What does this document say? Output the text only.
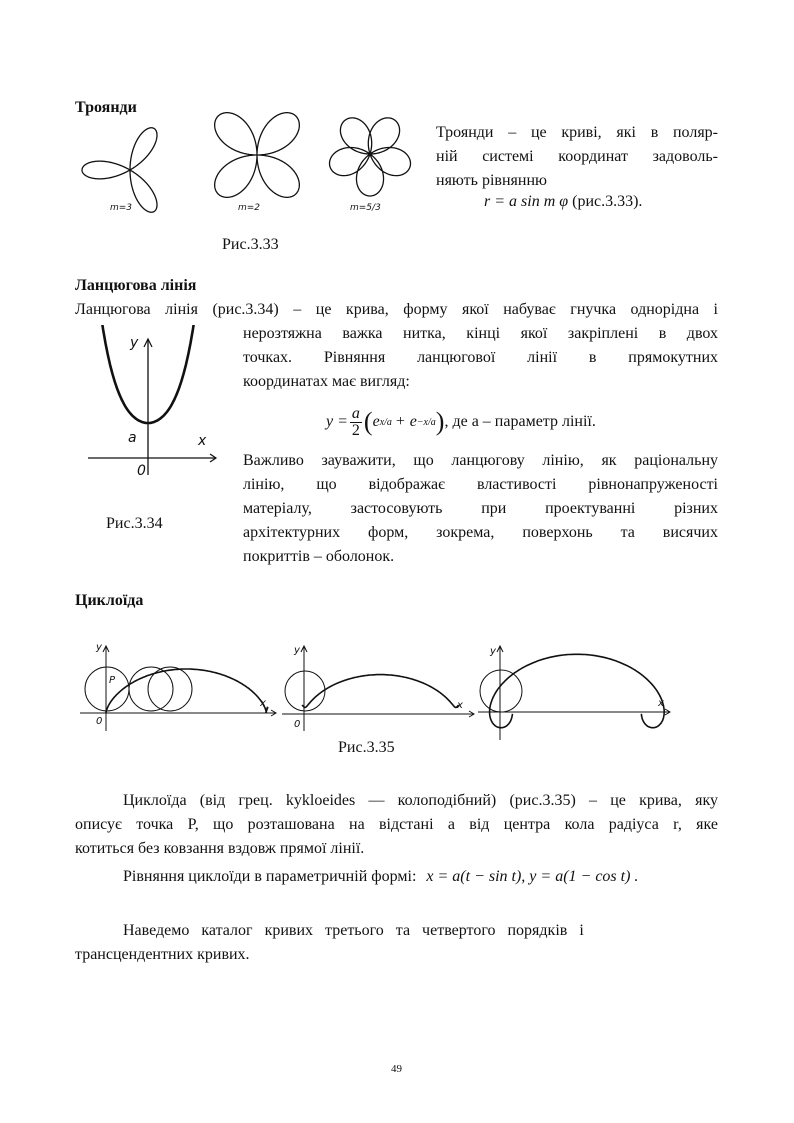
Троянди
m=3	m=2	m=5/3
Троянди – це криві, які в поляр-
ній системі координат задоволь-
няють рівнянню
r = a sin m φ (рис.3.33).
Рис.3.33
Ланцюгова лінія
Ланцюгова лінія (рис.3.34) – це крива, форму якої набуває гнучка однорідна і
нерозтяжна важка нитка, кінці якої закріплені в двох
точках. Рівняння ланцюгової лінії в прямокутних
координатах має вигляд:
$y = \frac{a}{2}$ ( e x/a + e −x/a ) , де a – параметр лінії.
Важливо зауважити, що ланцюгову лінію, як раціональну
лінію, що відображає властивості рівнонапруженості
матеріалу, застосовують при проектуванні різних
архітектурних форм, зокрема, поверхонь та висячих
покриттів – оболонок.
y
x
a
0
Рис.3.34
Циклоїда
y
x
0
P
y
x
0
y
x
Рис.3.35
Циклоїда (від грец. kykloeides — колоподібний) (рис.3.35) – це крива, яку
описує точка P, що розташована на відстані a від центра кола радіуса r, яке
котиться без ковзання вздовж прямої лінії.
Рівняння циклоїди в параметричній формі: x = a(t − sin t), y = a(1 − cos t) .
Наведемо   каталог   кривих   третього   та   четвертого   порядків   і
трансцендентних кривих.
49
